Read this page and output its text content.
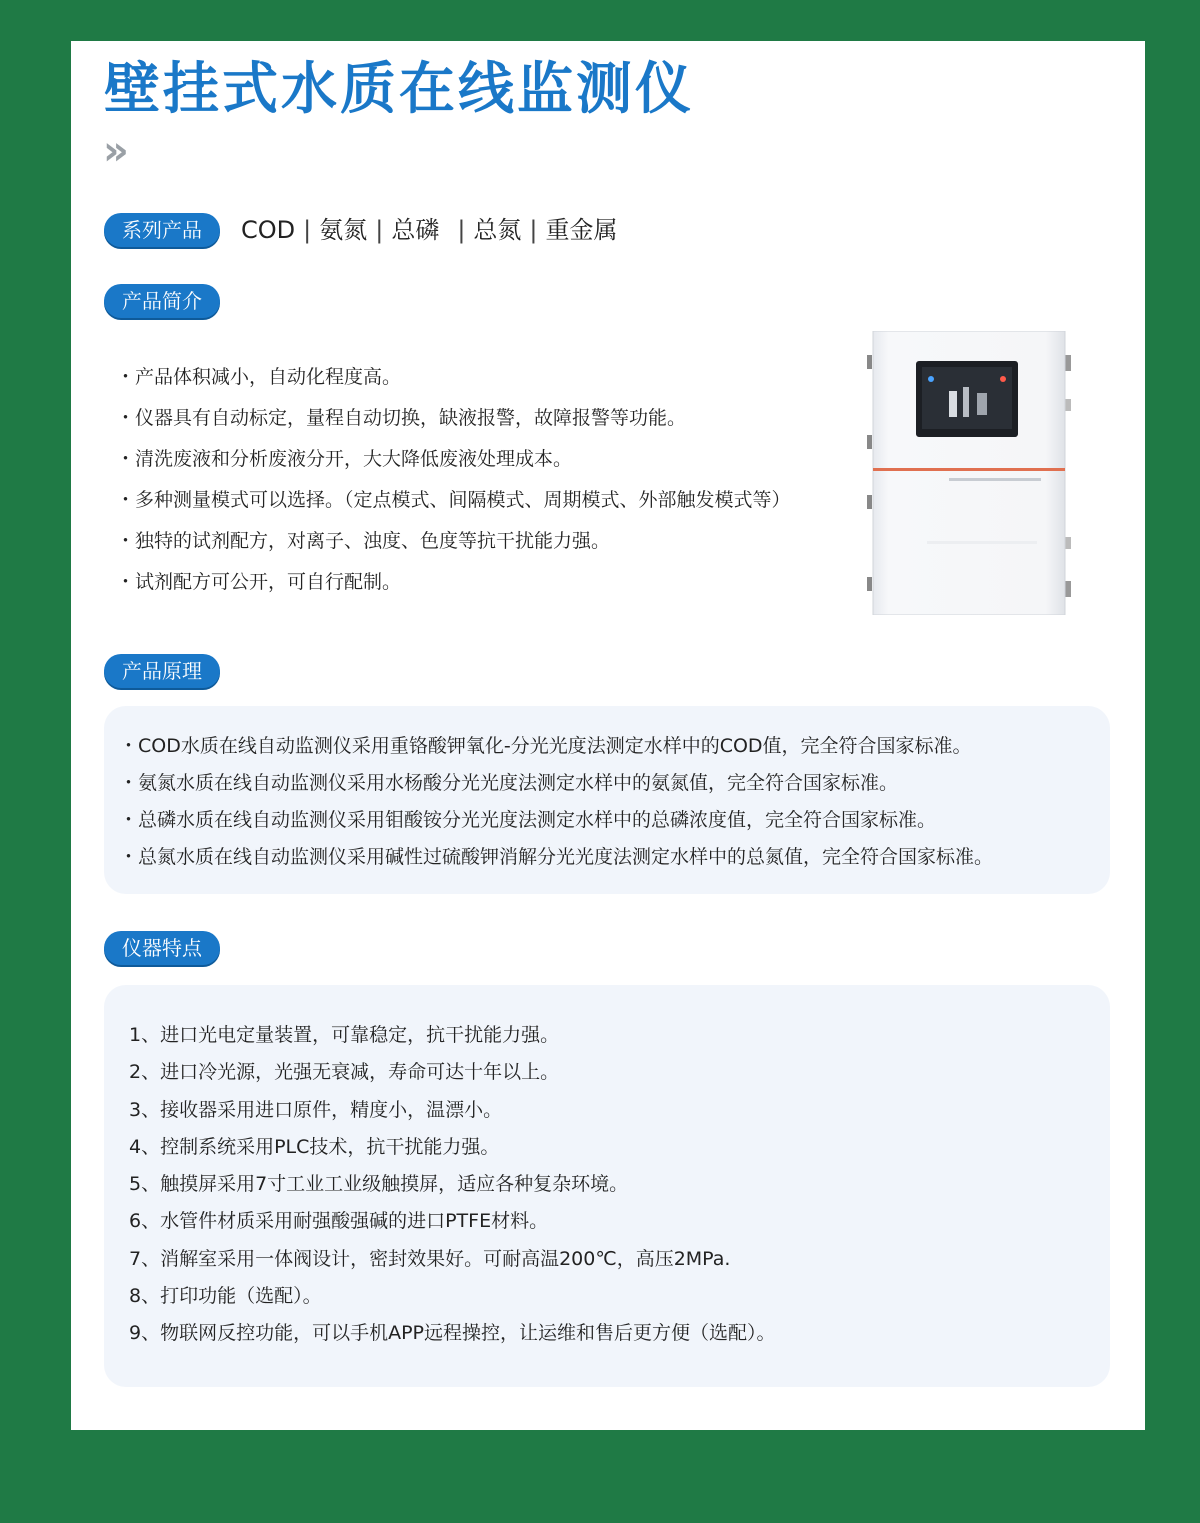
壁挂式水质在线监测仪
»
系列产品	COD | 氨氮 | 总磷 | 总氮 | 重金属
产品简介
・产品体积减小，自动化程度高。
・仪器具有自动标定，量程自动切换，缺液报警，故障报警等功能。
・清洗废液和分析废液分开，大大降低废液处理成本。
・多种测量模式可以选择。（定点模式、间隔模式、周期模式、外部触发模式等）
・独特的试剂配方，对离子、浊度、色度等抗干扰能力强。
・试剂配方可公开，可自行配制。
产品原理
・COD水质在线自动监测仪采用重铬酸钾氧化-分光光度法测定水样中的COD值，完全符合国家标准。
・氨氮水质在线自动监测仪采用水杨酸分光光度法测定水样中的氨氮值，完全符合国家标准。
・总磷水质在线自动监测仪采用钼酸铵分光光度法测定水样中的总磷浓度值，完全符合国家标准。
・总氮水质在线自动监测仪采用碱性过硫酸钾消解分光光度法测定水样中的总氮值，完全符合国家标准。
仪器特点
1、进口光电定量装置，可靠稳定，抗干扰能力强。
2、进口冷光源，光强无衰减，寿命可达十年以上。
3、接收器采用进口原件，精度小，温漂小。
4、控制系统采用PLC技术，抗干扰能力强。
5、触摸屏采用7寸工业工业级触摸屏，适应各种复杂环境。
6、水管件材质采用耐强酸强碱的进口PTFE材料。
7、消解室采用一体阀设计，密封效果好。可耐高温200℃，高压2MPa.
8、打印功能（选配）。
9、物联网反控功能，可以手机APP远程操控，让运维和售后更方便（选配）。
